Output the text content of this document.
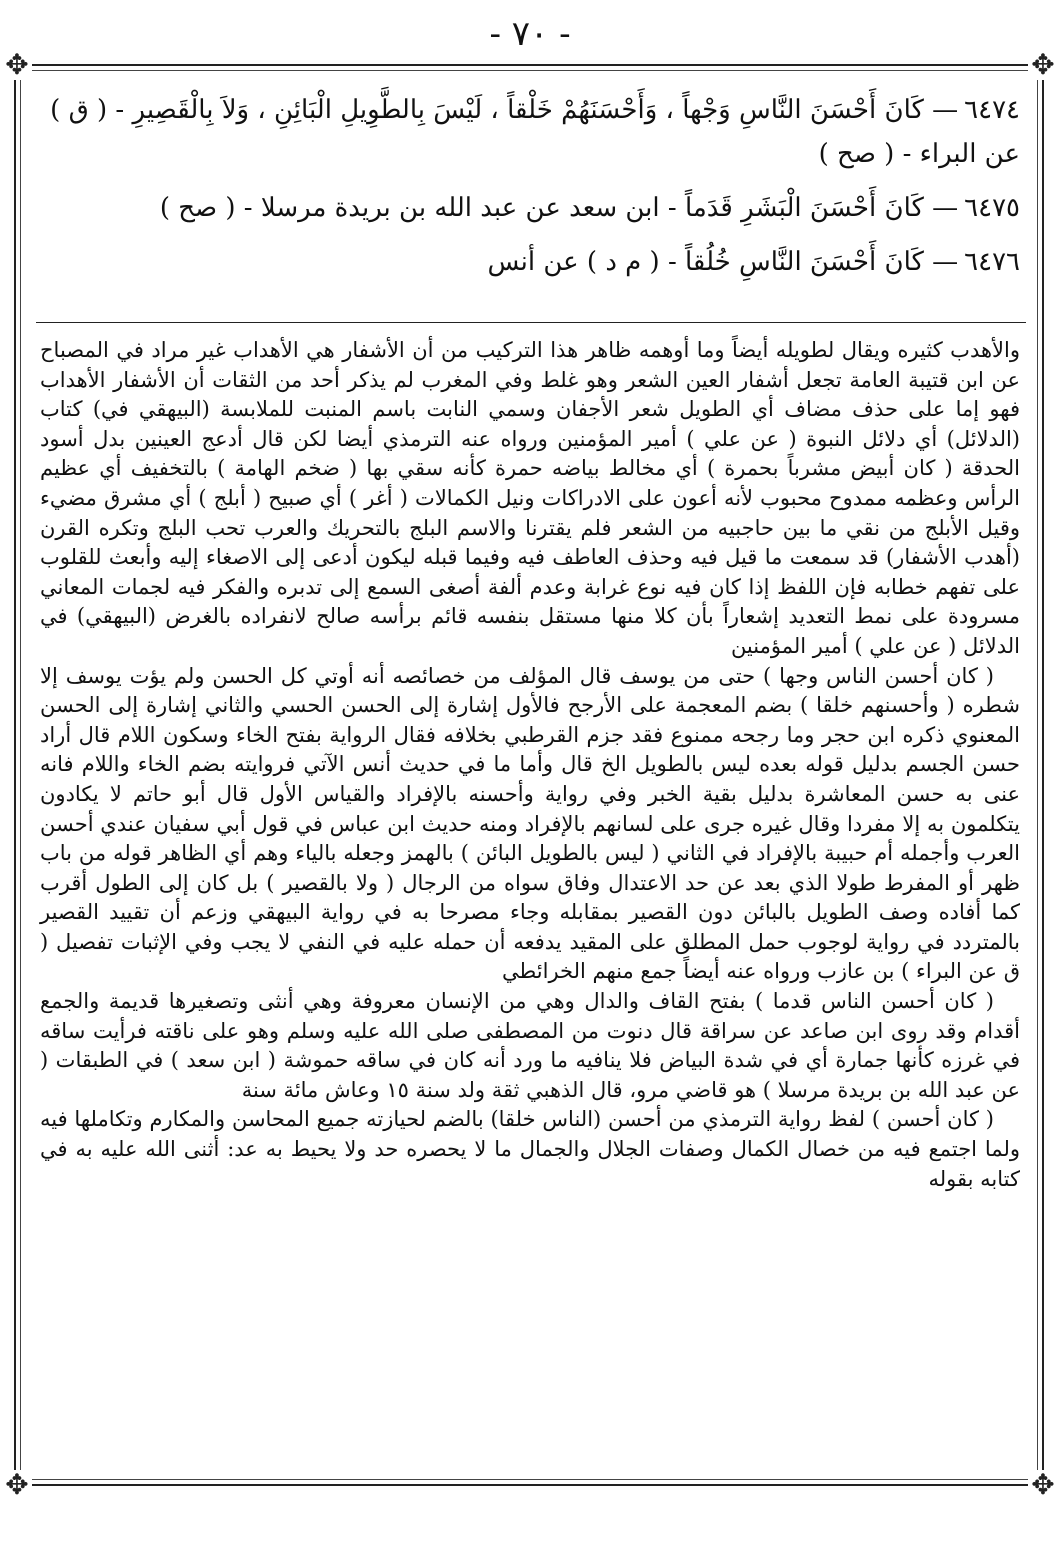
- ٧٠ -
✥	✥
✥	✥

٦٤٧٤— كَانَ أَحْسَنَ النَّاسِ وَجْهاً ، وَأَحْسَنَهُمْ خَلْقاً ، لَيْسَ بِالطَّوِيلِ الْبَائِنِ ، وَلاَ بِالْقَصِيرِ - ( ق )
عن البراء - ( صح )

٦٤٧٥— كَانَ أَحْسَنَ الْبَشَرِ قَدَماً - ابن سعد عن عبد الله بن بريدة مرسلا - ( صح )

٦٤٧٦— كَانَ أَحْسَنَ النَّاسِ خُلُقاً - ( م د ) عن أنس

والأهدب كثيره ويقال لطويله أيضاً وما أوهمه ظاهر هذا التركيب من أن الأشفار هي الأهداب غير مراد في المصباح عن ابن قتيبة العامة تجعل أشفار العين الشعر وهو غلط وفي المغرب لم يذكر أحد من الثقات أن الأشفار الأهداب فهو إما على حذف مضاف أي الطويل شعر الأجفان وسمي النابت باسم المنبت للملابسة (البيهقي في) كتاب (الدلائل) أي دلائل النبوة ( عن علي ) أمير المؤمنين ورواه عنه الترمذي أيضا لكن قال أدعج العينين بدل أسود الحدقة ( كان أبيض مشرباً بحمرة ) أي مخالط بياضه حمرة كأنه سقي بها ( ضخم الهامة ) بالتخفيف أي عظيم الرأس وعظمه ممدوح محبوب لأنه أعون على الادراكات ونيل الكمالات ( أغر ) أي صبيح ( أبلج ) أي مشرق مضيء وقيل الأبلج من نقي ما بين حاجبيه من الشعر فلم يقترنا والاسم البلج بالتحريك والعرب تحب البلج وتكره القرن (أهدب الأشفار) قد سمعت ما قيل فيه وحذف العاطف فيه وفيما قبله ليكون أدعى إلى الاصغاء إليه وأبعث للقلوب على تفهم خطابه فإن اللفظ إذا كان فيه نوع غرابة وعدم ألفة أصغى السمع إلى تدبره والفكر فيه لجمات المعاني مسرودة على نمط التعديد إشعاراً بأن كلا منها مستقل بنفسه قائم برأسه صالح لانفراده بالغرض (البيهقي) في الدلائل ( عن علي ) أمير المؤمنين

( كان أحسن الناس وجها ) حتى من يوسف قال المؤلف من خصائصه أنه أوتي كل الحسن ولم يؤت يوسف إلا شطره ( وأحسنهم خلقا ) بضم المعجمة على الأرجح فالأول إشارة إلى الحسن الحسي والثاني إشارة إلى الحسن المعنوي ذكره ابن حجر وما رجحه ممنوع فقد جزم القرطبي بخلافه فقال الرواية بفتح الخاء وسكون اللام قال أراد حسن الجسم بدليل قوله بعده ليس بالطويل الخ قال وأما ما في حديث أنس الآتي فروايته بضم الخاء واللام فانه عنى به حسن المعاشرة بدليل بقية الخبر وفي رواية وأحسنه بالإفراد والقياس الأول قال أبو حاتم لا يكادون يتكلمون به إلا مفردا وقال غيره جرى على لسانهم بالإفراد ومنه حديث ابن عباس في قول أبي سفيان عندي أحسن العرب وأجمله أم حبيبة بالإفراد في الثاني ( ليس بالطويل البائن ) بالهمز وجعله بالياء وهم أي الظاهر قوله من باب ظهر أو المفرط طولا الذي بعد عن حد الاعتدال وفاق سواه من الرجال ( ولا بالقصير ) بل كان إلى الطول أقرب كما أفاده وصف الطويل بالبائن دون القصير بمقابله وجاء مصرحا به في رواية البيهقي وزعم أن تقييد القصير بالمتردد في رواية لوجوب حمل المطلق على المقيد يدفعه أن حمله عليه في النفي لا يجب وفي الإثبات تفصيل ( ق عن البراء ) بن عازب ورواه عنه أيضاً جمع منهم الخرائطي

( كان أحسن الناس قدما ) بفتح القاف والدال وهي من الإنسان معروفة وهي أنثى وتصغيرها قديمة والجمع أقدام وقد روى ابن صاعد عن سراقة قال دنوت من المصطفى صلى الله عليه وسلم وهو على ناقته فرأيت ساقه في غرزه كأنها جمارة أي في شدة البياض فلا ينافيه ما ورد أنه كان في ساقه حموشة ( ابن سعد ) في الطبقات ( عن عبد الله بن بريدة مرسلا ) هو قاضي مرو، قال الذهبي ثقة ولد سنة ١٥ وعاش مائة سنة

( كان أحسن ) لفظ رواية الترمذي من أحسن (الناس خلقا) بالضم لحيازته جميع المحاسن والمكارم وتكاملها فيه ولما اجتمع فيه من خصال الكمال وصفات الجلال والجمال ما لا يحصره حد ولا يحيط به عد: أثنى الله عليه به في كتابه بقوله
